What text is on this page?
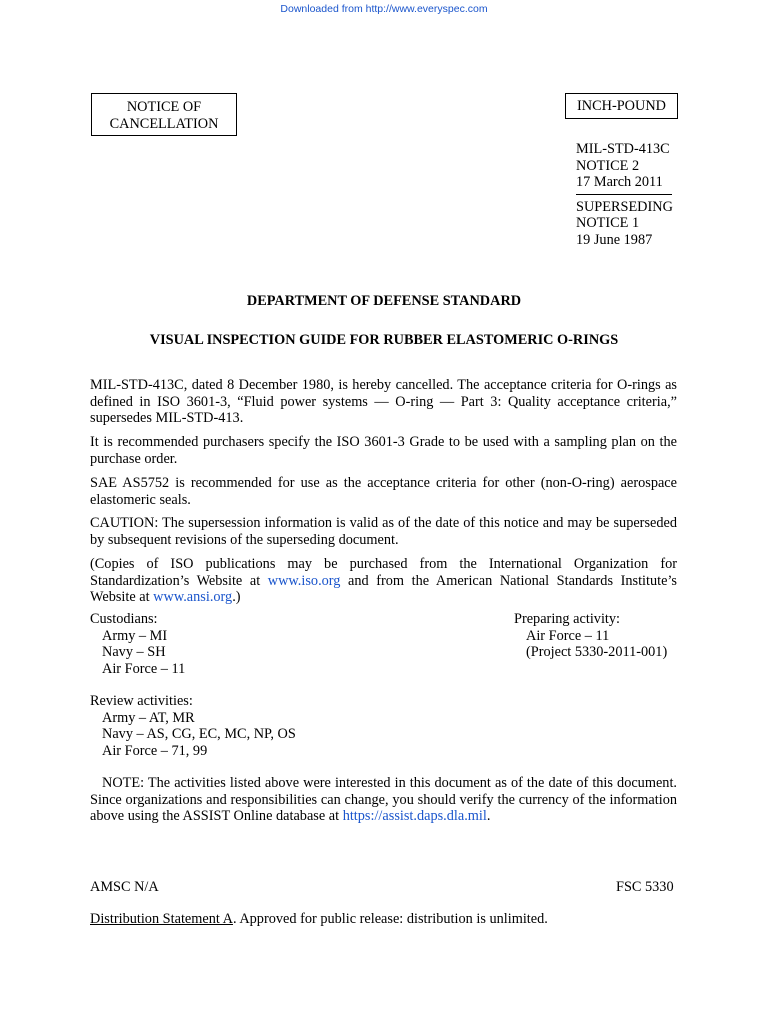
Downloaded from http://www.everyspec.com
NOTICE OF
CANCELLATION
INCH-POUND
MIL-STD-413C
NOTICE 2
17 March 2011
SUPERSEDING
NOTICE 1
19 June 1987
DEPARTMENT OF DEFENSE STANDARD
VISUAL INSPECTION GUIDE FOR RUBBER ELASTOMERIC O-RINGS
MIL-STD-413C, dated 8 December 1980, is hereby cancelled. The acceptance criteria for O-rings as defined in ISO 3601-3, “Fluid power systems — O-ring — Part 3: Quality acceptance criteria,” supersedes MIL-STD-413.
It is recommended purchasers specify the ISO 3601-3 Grade to be used with a sampling plan on the purchase order.
SAE AS5752 is recommended for use as the acceptance criteria for other (non-O-ring) aerospace elastomeric seals.
CAUTION: The supersession information is valid as of the date of this notice and may be superseded by subsequent revisions of the superseding document.
(Copies of ISO publications may be purchased from the International Organization for Standardization’s Website at www.iso.org and from the American National Standards Institute’s Website at www.ansi.org.)
Custodians:
Army – MI
Navy – SH
Air Force – 11
Preparing activity:
Air Force – 11
(Project 5330-2011-001)
Review activities:
Army – AT, MR
Navy – AS, CG, EC, MC, NP, OS
Air Force – 71, 99
NOTE: The activities listed above were interested in this document as of the date of this document. Since organizations and responsibilities can change, you should verify the currency of the information above using the ASSIST Online database at https://assist.daps.dla.mil.
AMSC N/A	FSC 5330
Distribution Statement A. Approved for public release: distribution is unlimited.
